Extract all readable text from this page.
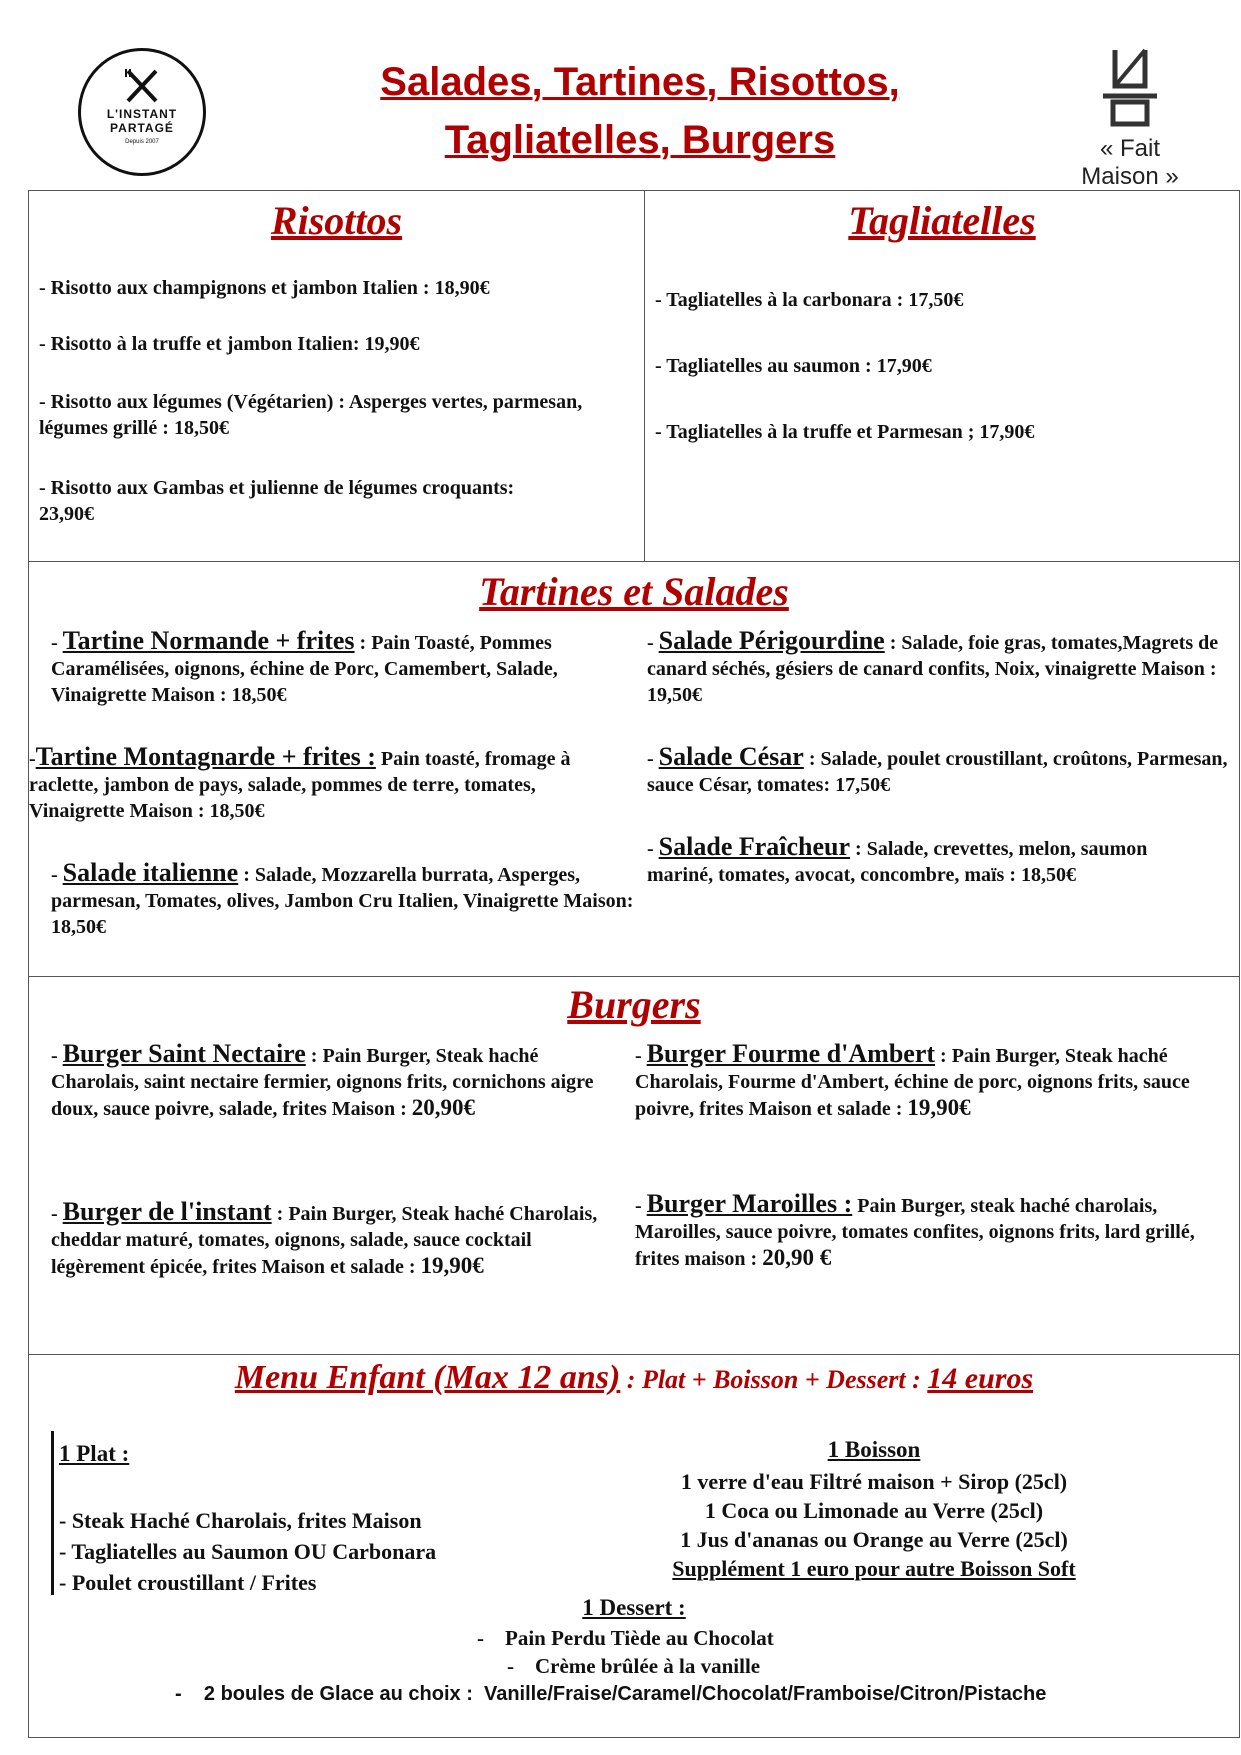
L'INSTANT
PARTAGÉ
Depuis 2007
Salades, Tartines, Risottos,
Tagliatelles, Burgers	« Fait Maison »
Risottos
- Risotto aux champignons et jambon Italien : 18,90€
- Risotto à la truffe et jambon Italien: 19,90€
- Risotto aux légumes (Végétarien) : Asperges vertes, parmesan, légumes grillé : 18,50€
- Risotto aux Gambas et julienne de légumes croquants: 23,90€
Tagliatelles
- Tagliatelles à la carbonara : 17,50€
- Tagliatelles au saumon : 17,90€
- Tagliatelles à la truffe et Parmesan ; 17,90€
Tartines et Salades
- Tartine Normande + frites : Pain Toasté, Pommes Caramélisées, oignons, échine de Porc, Camembert, Salade, Vinaigrette Maison : 18,50€
-Tartine Montagnarde + frites : Pain toasté, fromage à raclette, jambon de pays, salade, pommes de terre, tomates, Vinaigrette Maison : 18,50€
- Salade italienne : Salade, Mozzarella burrata, Asperges, parmesan, Tomates, olives, Jambon Cru Italien, Vinaigrette Maison: 18,50€
- Salade Périgourdine : Salade, foie gras, tomates,Magrets de canard séchés, gésiers de canard confits, Noix, vinaigrette Maison : 19,50€
- Salade César : Salade, poulet croustillant, croûtons, Parmesan, sauce César, tomates: 17,50€
- Salade Fraîcheur : Salade, crevettes, melon, saumon mariné, tomates, avocat, concombre, maïs : 18,50€
Burgers
- Burger Saint Nectaire : Pain Burger, Steak haché Charolais, saint nectaire fermier, oignons frits, cornichons aigre doux, sauce poivre, salade, frites Maison : 20,90€
- Burger de l'instant : Pain Burger, Steak haché Charolais, cheddar maturé, tomates, oignons, salade, sauce cocktail légèrement épicée, frites Maison et salade : 19,90€
- Burger Fourme d'Ambert : Pain Burger, Steak haché Charolais, Fourme d'Ambert, échine de porc, oignons frits, sauce poivre, frites Maison et salade : 19,90€
- Burger Maroilles : Pain Burger, steak haché charolais, Maroilles, sauce poivre, tomates confites, oignons frits, lard grillé, frites maison : 20,90 €
Menu Enfant (Max 12 ans) : Plat + Boisson + Dessert : 14 euros
1 Plat :
- Steak Haché Charolais, frites Maison
- Tagliatelles au Saumon OU Carbonara
- Poulet croustillant / Frites
1 Boisson
1 verre d'eau Filtré maison + Sirop (25cl)
1 Coca ou Limonade au Verre (25cl)
1 Jus d'ananas ou Orange au Verre (25cl)
Supplément 1 euro pour autre Boisson Soft
1 Dessert :
-    Pain Perdu Tiède au Chocolat
-    Crème brûlée à la vanille
-    2 boules de Glace au choix :  Vanille/Fraise/Caramel/Chocolat/Framboise/Citron/Pistache
